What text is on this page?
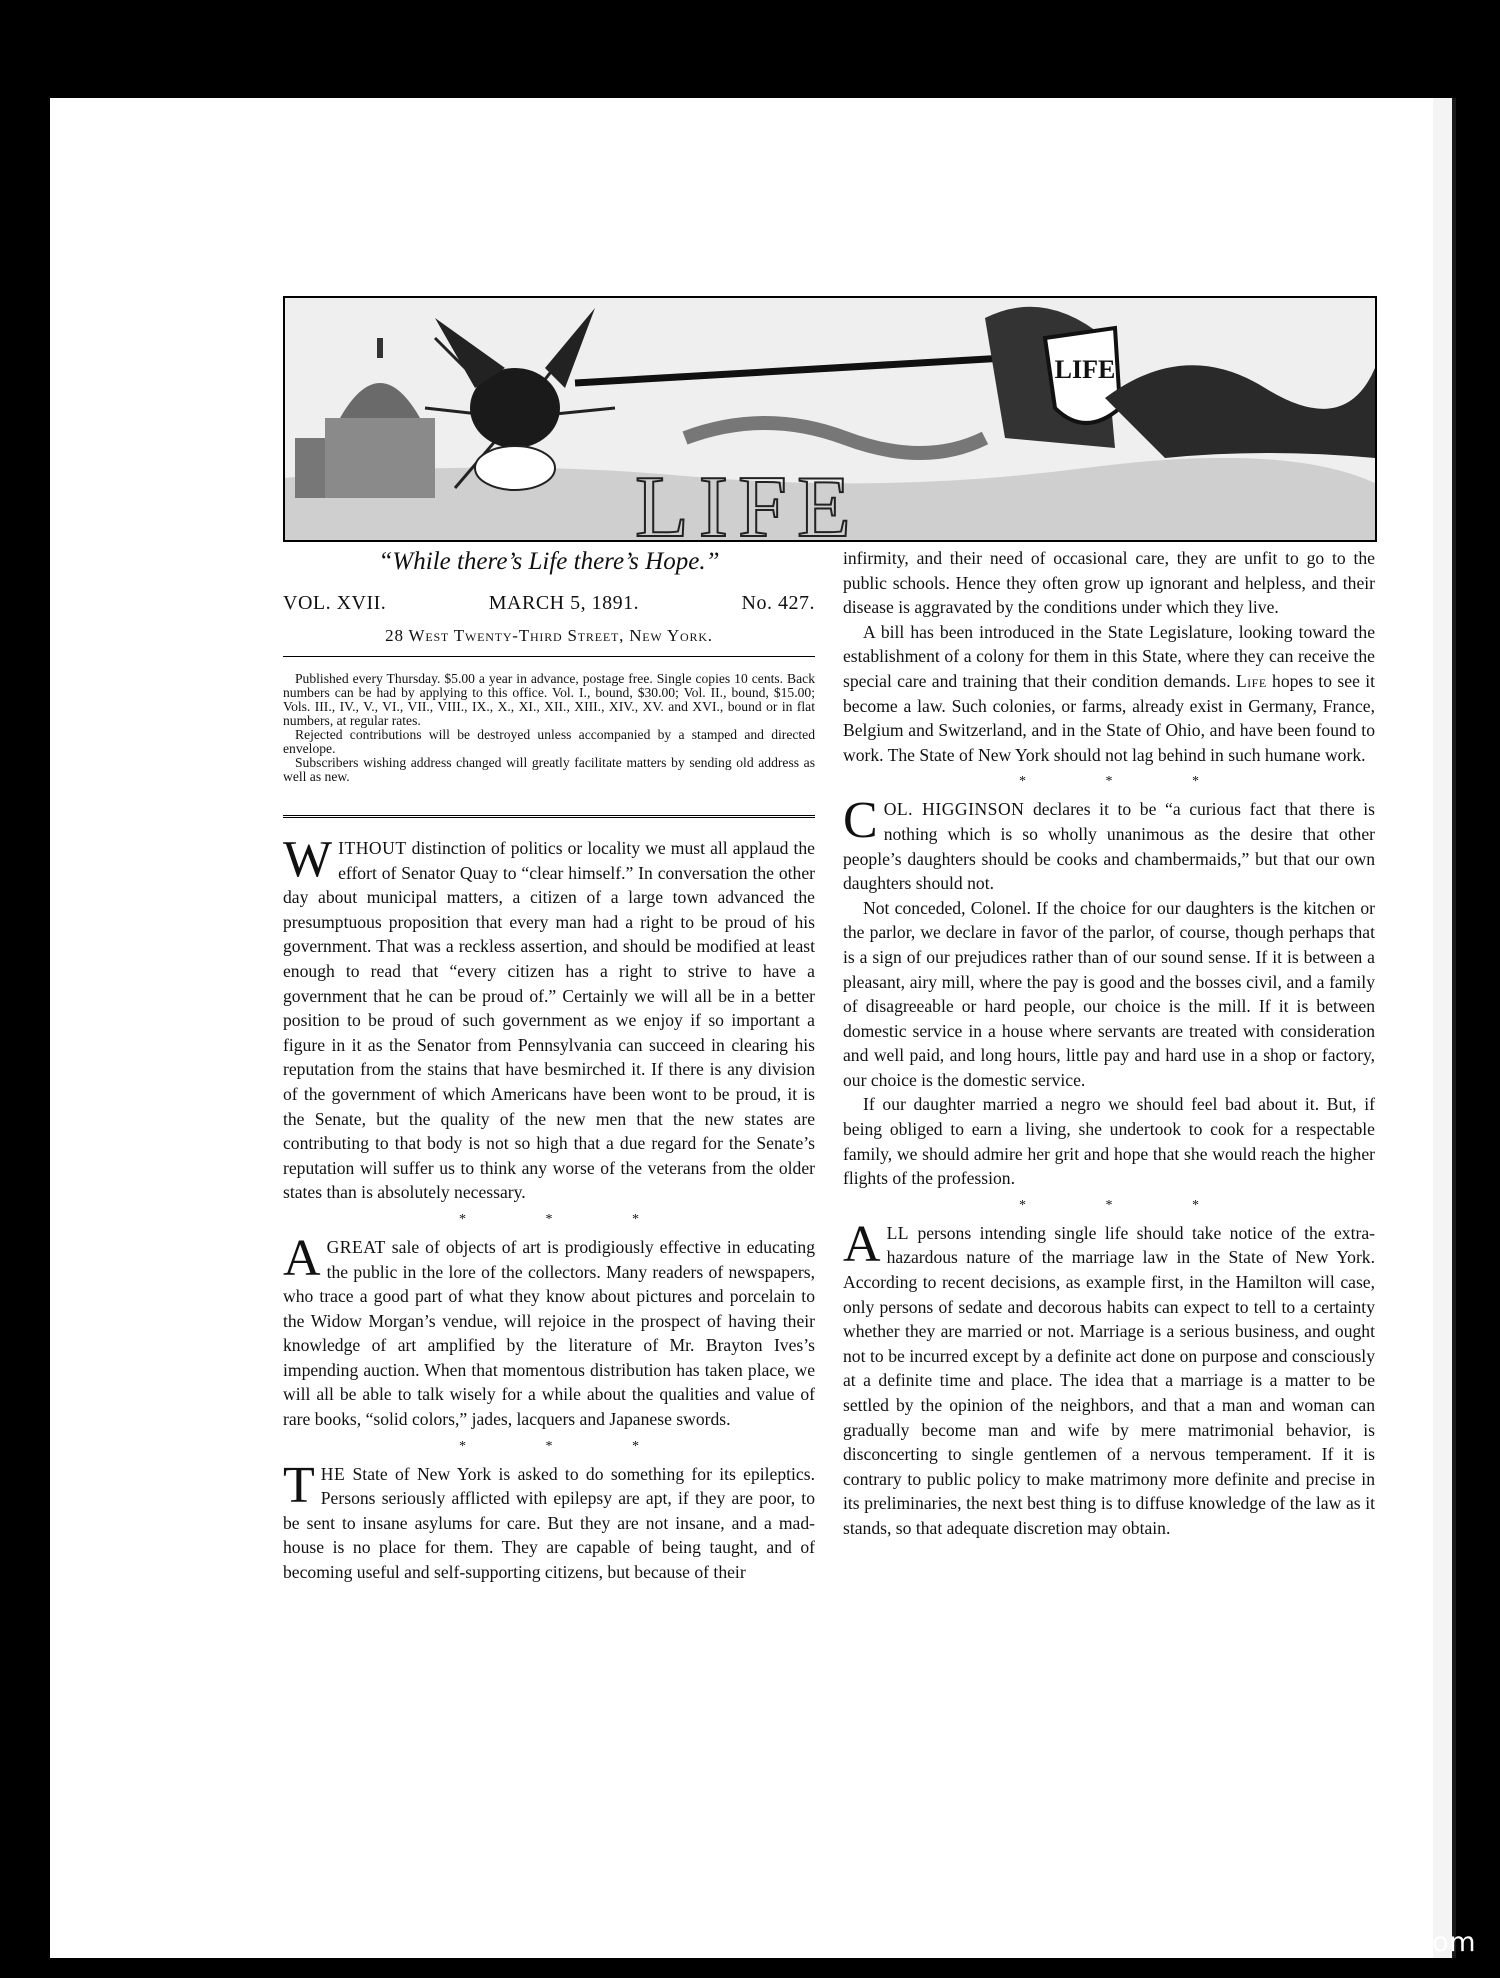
LIFE
LIFE
“While there’s Life there’s Hope.”
VOL. XVII.	MARCH 5, 1891.	No. 427.
28 West Twenty-Third Street, New York.

Published every Thursday. $5.00 a year in advance, postage free. Single copies 10 cents. Back numbers can be had by applying to this office. Vol. I., bound, $30.00; Vol. II., bound, $15.00; Vols. III., IV., V., VI., VII., VIII., IX., X., XI., XII., XIII., XIV., XV. and XVI., bound or in flat numbers, at regular rates.

Rejected contributions will be destroyed unless accompanied by a stamped and directed envelope.

Subscribers wishing address changed will greatly facilitate matters by sending old address as well as new.

WITHOUT distinction of politics or locality we must all applaud the effort of Senator Quay to “clear himself.” In conversation the other day about municipal matters, a citizen of a large town advanced the presumptuous proposition that every man had a right to be proud of his government. That was a reckless assertion, and should be modified at least enough to read that “every citizen has a right to strive to have a government that he can be proud of.” Certainly we will all be in a better position to be proud of such government as we enjoy if so important a figure in it as the Senator from Pennsylvania can succeed in clearing his reputation from the stains that have besmirched it. If there is any division of the government of which Americans have been wont to be proud, it is the Senate, but the quality of the new men that the new states are contributing to that body is not so high that a due regard for the Senate’s reputation will suffer us to think any worse of the veterans from the older states than is absolutely necessary.

* * *

AGREAT sale of objects of art is prodigiously effective in educating the public in the lore of the collectors. Many readers of newspapers, who trace a good part of what they know about pictures and porcelain to the Widow Morgan’s vendue, will rejoice in the prospect of having their knowledge of art amplified by the literature of Mr. Brayton Ives’s impending auction. When that momentous distribution has taken place, we will all be able to talk wisely for a while about the qualities and value of rare books, “solid colors,” jades, lacquers and Japanese swords.

* * *

THE State of New York is asked to do something for its epileptics. Persons seriously afflicted with epilepsy are apt, if they are poor, to be sent to insane asylums for care. But they are not insane, and a mad-house is no place for them. They are capable of being taught, and of becoming useful and self-supporting citizens, but because of their

infirmity, and their need of occasional care, they are unfit to go to the public schools. Hence they often grow up ignorant and helpless, and their disease is aggravated by the conditions under which they live.

A bill has been introduced in the State Legislature, looking toward the establishment of a colony for them in this State, where they can receive the special care and training that their condition demands. Life hopes to see it become a law. Such colonies, or farms, already exist in Germany, France, Belgium and Switzerland, and in the State of Ohio, and have been found to work. The State of New York should not lag behind in such humane work.

* * *

COL. HIGGINSON declares it to be “a curious fact that there is nothing which is so wholly unanimous as the desire that other people’s daughters should be cooks and chambermaids,” but that our own daughters should not.

Not conceded, Colonel. If the choice for our daughters is the kitchen or the parlor, we declare in favor of the parlor, of course, though perhaps that is a sign of our prejudices rather than of our sound sense. If it is between a pleasant, airy mill, where the pay is good and the bosses civil, and a family of disagreeable or hard people, our choice is the mill. If it is between domestic service in a house where servants are treated with consideration and well paid, and long hours, little pay and hard use in a shop or factory, our choice is the domestic service.

If our daughter married a negro we should feel bad about it. But, if being obliged to earn a living, she undertook to cook for a respectable family, we should admire her grit and hope that she would reach the higher flights of the profession.

* * *

ALL persons intending single life should take notice of the extra-hazardous nature of the marriage law in the State of New York. According to recent decisions, as example first, in the Hamilton will case, only persons of sedate and decorous habits can expect to tell to a certainty whether they are married or not. Marriage is a serious business, and ought not to be incurred except by a definite act done on purpose and consciously at a definite time and place. The idea that a marriage is a matter to be settled by the opinion of the neighbors, and that a man and woman can gradually become man and wife by mere matrimonial behavior, is disconcerting to single gentlemen of a nervous temperament. If it is contrary to public policy to make matrimony more definite and precise in its preliminaries, the next best thing is to diffuse knowledge of the law as it stands, so that adequate discretion may obtain.

comicbooks.com
